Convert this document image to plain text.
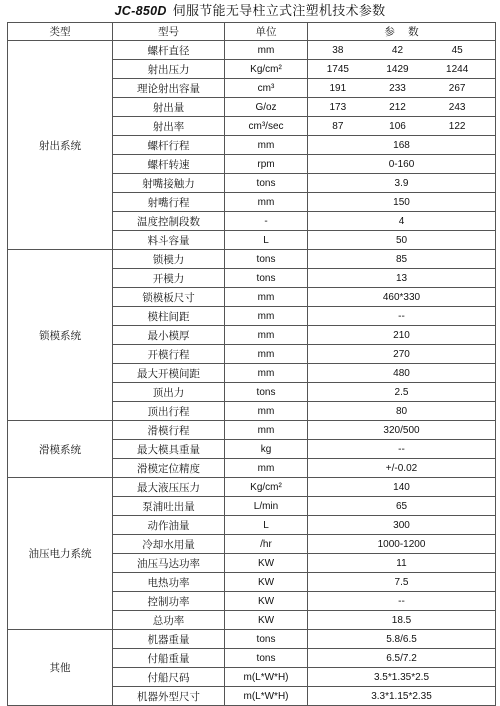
JC-850D 伺服节能无导柱立式注塑机技术参数
类型	型号	单位	参    数
射出系统	螺杆直径	mm	38 42 45

	射出压力	Kg/cm²	1745 1429 1244

	理论射出容量	cm³	191 233 267

	射出量	G/oz	173 212 243

	射出率	cm³/sec	87 106 122

	螺杆行程	mm	168
	螺杆转速	rpm	0-160
	射嘴接触力	tons	3.9
	射嘴行程	mm	150
	温度控制段数	-	4
	料斗容量	L	50
锁模系统	锁模力	tons	85
	开模力	tons	13
	锁模板尺寸	mm	460*330
	模柱间距	mm	--
	最小模厚	mm	210
	开模行程	mm	270
	最大开模间距	mm	480
	顶出力	tons	2.5
	顶出行程	mm	80
滑模系统	滑模行程	mm	320/500
	最大模具重量	kg	--
	滑模定位精度	mm	+/-0.02
油压电力系统	最大液压压力	Kg/cm²	140
	泵浦吐出量	L/min	65
	动作油量	L	300
	冷却水用量	/hr	1000-1200
	油压马达功率	KW	11
	电热功率	KW	7.5
	控制功率	KW	--
	总功率	KW	18.5
其他	机器重量	tons	5.8/6.5
	付船重量	tons	6.5/7.2
	付船尺码	m(L*W*H)	3.5*1.35*2.5
	机器外型尺寸	m(L*W*H)	3.3*1.15*2.35
